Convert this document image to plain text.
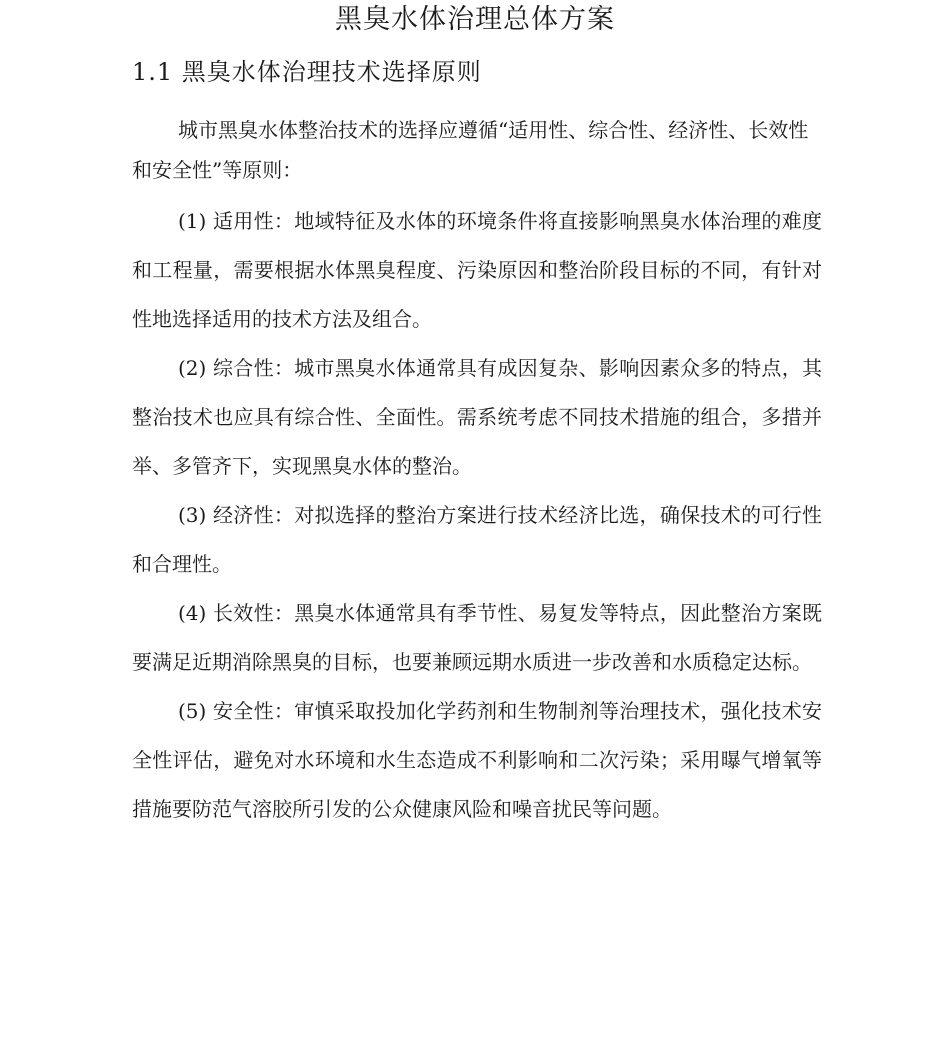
黑臭水体治理总体方案
1.1 黑臭水体治理技术选择原则

城市黑臭水体整治技术的选择应遵循“适用性、综合性、经济性、长效性和安全性”等原则：

(1) 适用性：地域特征及水体的环境条件将直接影响黑臭水体治理的难度和工程量，需要根据水体黑臭程度、污染原因和整治阶段目标的不同，有针对性地选择适用的技术方法及组合。

(2) 综合性：城市黑臭水体通常具有成因复杂、影响因素众多的特点，其整治技术也应具有综合性、全面性。需系统考虑不同技术措施的组合，多措并举、多管齐下，实现黑臭水体的整治。

(3) 经济性：对拟选择的整治方案进行技术经济比选，确保技术的可行性和合理性。

(4) 长效性：黑臭水体通常具有季节性、易复发等特点，因此整治方案既要满足近期消除黑臭的目标，也要兼顾远期水质进一步改善和水质稳定达标。

(5) 安全性：审慎采取投加化学药剂和生物制剂等治理技术，强化技术安全性评估，避免对水环境和水生态造成不利影响和二次污染；采用曝气增氧等措施要防范气溶胶所引发的公众健康风险和噪音扰民等问题。
